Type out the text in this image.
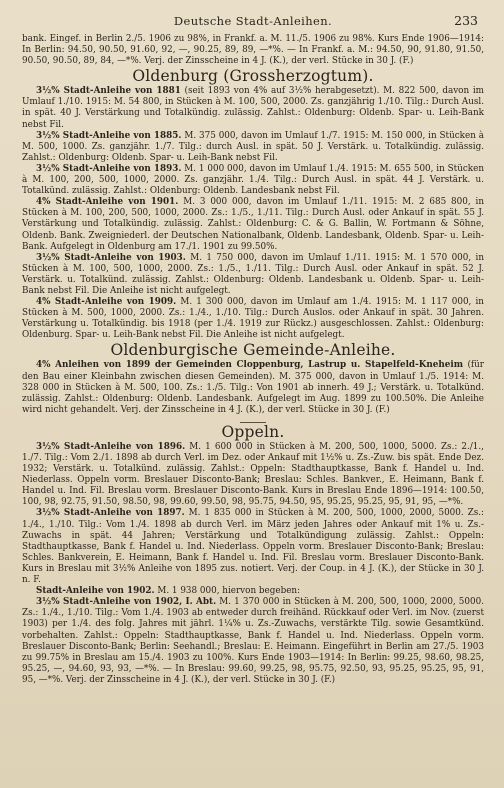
Deutsche Stadt-Anleihen.	233

bank. Eingef. in Berlin 2./5. 1906 zu 98%, in Frankf. a. M. 11./5. 1906 zu 98%. Kurs Ende 1906—1914: In Berlin: 94.50, 90.50, 91.60, 92, —, 90.25, 89, 89, —*%. — In Frankf. a. M.: 94.50, 90, 91.80, 91.50, 90.50, 90.50, 89, 84, —*%. Verj. der Zinsscheine in 4 J. (K.), der verl. Stücke in 30 J. (F.)

Oldenburg (Grossherzogtum).

3½% Stadt-Anleihe von 1881 (seit 1893 von 4% auf 3½% herabgesetzt). M. 822 500, davon im Umlauf 1./10. 1915: M. 54 800, in Stücken à M. 100, 500, 2000. Zs. ganzjährig 1./10. Tilg.: Durch Ausl. in spät. 40 J. Verstärkung und Totalkündig. zulässig. Zahlst.: Oldenburg: Oldenb. Spar- u. Leih-Bank nebst Fil.

3½% Stadt-Anleihe von 1885. M. 375 000, davon im Umlauf 1./7. 1915: M. 150 000, in Stücken à M. 500, 1000. Zs. ganzjähr. 1./7. Tilg.: durch Ausl. in spät. 50 J. Verstärk. u. Totalkündig. zulässig. Zahlst.: Oldenburg: Oldenb. Spar- u. Leih-Bank nebst Fil.

3½% Stadt-Anleihe von 1893. M. 1 000 000, davon im Umlauf 1./4. 1915: M. 655 500, in Stücken à M. 100, 200, 500, 1000, 2000. Zs. ganzjähr. 1./4. Tilg.: Durch Ausl. in spät. 44 J. Verstärk. u. Totalkünd. zulässig. Zahlst.: Oldenburg: Oldenb. Landesbank nebst Fil.

4% Stadt-Anleihe von 1901. M. 3 000 000, davon im Umlauf 1./11. 1915: M. 2 685 800, in Stücken à M. 100, 200, 500, 1000, 2000. Zs.: 1./5., 1./11. Tilg.: Durch Ausl. oder Ankauf in spät. 55 J. Verstärkung und Totalkündig. zulässig. Zahlst.: Oldenburg: C. & G. Ballin, W. Fortmann & Söhne, Oldenb. Bank. Zweigniederl. der Deutschen Nationalbank, Oldenb. Landesbank, Oldenb. Spar- u. Leih-Bank. Aufgelegt in Oldenburg am 17./1. 1901 zu 99.50%.

3½% Stadt-Anleihe von 1903. M. 1 750 000, davon im Umlauf 1./11. 1915: M. 1 570 000, in Stücken à M. 100, 500, 1000, 2000. Zs.: 1./5., 1./11. Tilg.: Durch Ausl. oder Ankauf in spät. 52 J. Verstärk. u. Totalkünd. zulässig. Zahlst.: Oldenburg: Oldenb. Landesbank u. Oldenb. Spar- u. Leih-Bank nebst Fil. Die Anleihe ist nicht aufgelegt.

4% Stadt-Anleihe von 1909. M. 1 300 000, davon im Umlauf am 1./4. 1915: M. 1 117 000, in Stücken à M. 500, 1000, 2000. Zs.: 1./4., 1./10. Tilg.: Durch Auslos. oder Ankauf in spät. 30 Jahren. Verstärkung u. Totalkündig. bis 1918 (per 1./4. 1919 zur Rückz.) ausgeschlossen. Zahlst.: Oldenburg: Oldenburg. Spar- u. Leih-Bank nebst Fil. Die Anleihe ist nicht aufgelegt.

Oldenburgische Gemeinde-Anleihe.

4% Anleihen von 1899 der Gemeinden Cloppenburg, Lastrup u. Stapelfeld-Kneheim (für den Bau einer Kleinbahn zwischen diesen Gemeinden). M. 375 000, davon in Umlauf 1./5. 1914: M. 328 000 in Stücken à M. 500, 100. Zs.: 1./5. Tilg.: Von 1901 ab innerh. 49 J.; Verstärk. u. Totalkünd. zulässig. Zahlst.: Oldenburg: Oldenb. Landesbank. Aufgelegt im Aug. 1899 zu 100.50%. Die Anleihe wird nicht gehandelt. Verj. der Zinsscheine in 4 J. (K.), der verl. Stücke in 30 J. (F.)

Oppeln.

3½% Stadt-Anleihe von 1896. M. 1 600 000 in Stücken à M. 200, 500, 1000, 5000. Zs.: 2./1., 1./7. Tilg.: Vom 2./1. 1898 ab durch Verl. im Dez. oder Ankauf mit 1½% u. Zs.-Zuw. bis spät. Ende Dez. 1932; Verstärk. u. Totalkünd. zulässig. Zahlst.: Oppeln: Stadthauptkasse, Bank f. Handel u. Ind. Niederlass. Oppeln vorm. Breslauer Disconto-Bank; Breslau: Schles. Bankver., E. Heimann, Bank f. Handel u. Ind. Fil. Breslau vorm. Breslauer Disconto-Bank. Kurs in Breslau Ende 1896—1914: 100.50, 100, 98, 92.75, 91.50, 98.50, 98, 99.60, 99.50, 98, 95.75, 94.50, 95, 95.25, 95.25, 95, 91, 95, —*%.

3½% Stadt-Anleihe von 1897. M. 1 835 000 in Stücken à M. 200, 500, 1000, 2000, 5000. Zs.: 1./4., 1./10. Tilg.: Vom 1./4. 1898 ab durch Verl. im März jeden Jahres oder Ankauf mit 1% u. Zs.-Zuwachs in spät. 44 Jahren; Verstärkung und Totalkündigung zulässig. Zahlst.: Oppeln: Stadthauptkasse, Bank f. Handel u. Ind. Niederlass. Oppeln vorm. Breslauer Disconto-Bank; Breslau: Schles. Bankverein, E. Heimann, Bank f. Handel u. Ind. Fil. Breslau vorm. Breslauer Disconto-Bank. Kurs in Breslau mit 3½% Anleihe von 1895 zus. notiert. Verj. der Coup. in 4 J. (K.), der Stücke in 30 J. n. F.

Stadt-Anleihe von 1902. M. 1 938 000, hiervon begeben:

3½% Stadt-Anleihe von 1902, I. Abt. M. 1 370 000 in Stücken à M. 200, 500, 1000, 2000, 5000. Zs.: 1./4., 1./10. Tilg.: Vom 1./4. 1903 ab entweder durch freihänd. Rückkauf oder Verl. im Nov. (zuerst 1903) per 1./4. des folg. Jahres mit jährl. 1¼% u. Zs.-Zuwachs, verstärkte Tilg. sowie Gesamtkünd. vorbehalten. Zahlst.: Oppeln: Stadthauptkasse, Bank f. Handel u. Ind. Niederlass. Oppeln vorm. Breslauer Disconto-Bank; Berlin: Seehandl.; Breslau: E. Heimann. Eingeführt in Berlin am 27./5. 1903 zu 99.75% in Breslau am 15./4. 1903 zu 100%. Kurs Ende 1903—1914: In Berlin: 99.25, 98.60, 98.25, 95.25, —, 94.60, 93, 93, —*%. — In Breslau: 99.60, 99.25, 98, 95.75, 92.50, 93, 95.25, 95.25, 95, 91, 95, —*%. Verj. der Zinsscheine in 4 J. (K.), der verl. Stücke in 30 J. (F.)
